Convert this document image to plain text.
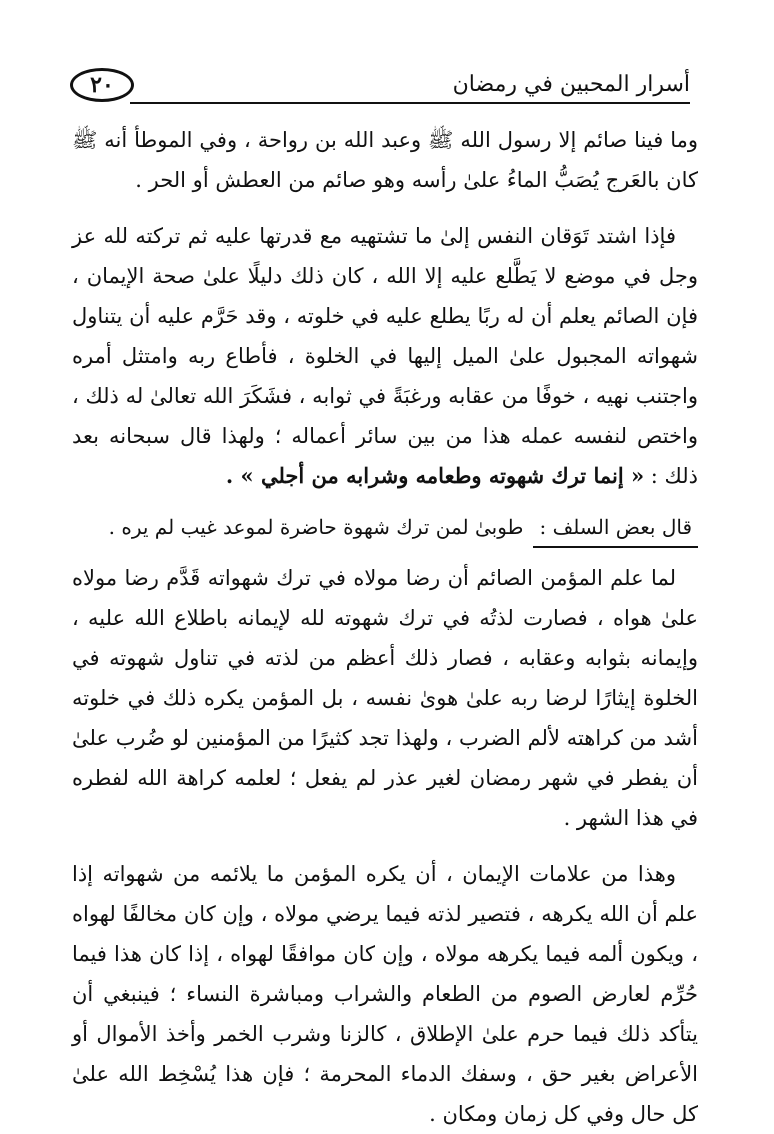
٢٠	أسرار المحبين في رمضان

وما فينا صائم إلا رسول الله ﷺ وعبد الله بن رواحة ، وفي الموطأ أنه ﷺ كان بالعَرج يُصَبُّ الماءُ علىٰ رأسه وهو صائم من العطش أو الحر .

فإذا اشتد تَوَقان النفس إلىٰ ما تشتهيه مع قدرتها عليه ثم تركته لله عز وجل في موضع لا يَطَّلع عليه إلا الله ، كان ذلك دليلًا علىٰ صحة الإيمان ، فإن الصائم يعلم أن له ربًا يطلع عليه في خلوته ، وقد حَرَّم عليه أن يتناول شهواته المجبول علىٰ الميل إليها في الخلوة ، فأطاع ربه وامتثل أمره واجتنب نهيه ، خوفًا من عقابه ورغبَةً في ثوابه ، فشَكَرَ الله تعالىٰ له ذلك ، واختص لنفسه عمله هذا من بين سائر أعماله ؛ ولهذا قال سبحانه بعد ذلك : « إنما ترك شهوته وطعامه وشرابه من أجلي » .

قال بعض السلف :
طوبىٰ لمن ترك شهوة حاضرة لموعد غيب لم يره .

لما علم المؤمن الصائم أن رضا مولاه في ترك شهواته قَدَّم رضا مولاه علىٰ هواه ، فصارت لذتُه في ترك شهوته لله لإيمانه باطلاع الله عليه ، وإيمانه بثوابه وعقابه ، فصار ذلك أعظم من لذته في تناول شهوته في الخلوة إيثارًا لرضا ربه علىٰ هوىٰ نفسه ، بل المؤمن يكره ذلك في خلوته أشد من كراهته لألم الضرب ، ولهذا تجد كثيرًا من المؤمنين لو ضُرب علىٰ أن يفطر في شهر رمضان لغير عذر لم يفعل ؛ لعلمه كراهة الله لفطره في هذا الشهر .

وهذا من علامات الإيمان ، أن يكره المؤمن ما يلائمه من شهواته إذا علم أن الله يكرهه ، فتصير لذته فيما يرضي مولاه ، وإن كان مخالفًا لهواه ، ويكون ألمه فيما يكرهه مولاه ، وإن كان موافقًا لهواه ، إذا كان هذا فيما حُرِّم لعارض الصوم من الطعام والشراب ومباشرة النساء ؛ فينبغي أن يتأكد ذلك فيما حرم علىٰ الإطلاق ، كالزنا وشرب الخمر وأخذ الأموال أو الأعراض بغير حق ، وسفك الدماء المحرمة ؛ فإن هذا يُسْخِط الله علىٰ كل حال وفي كل زمان ومكان .
